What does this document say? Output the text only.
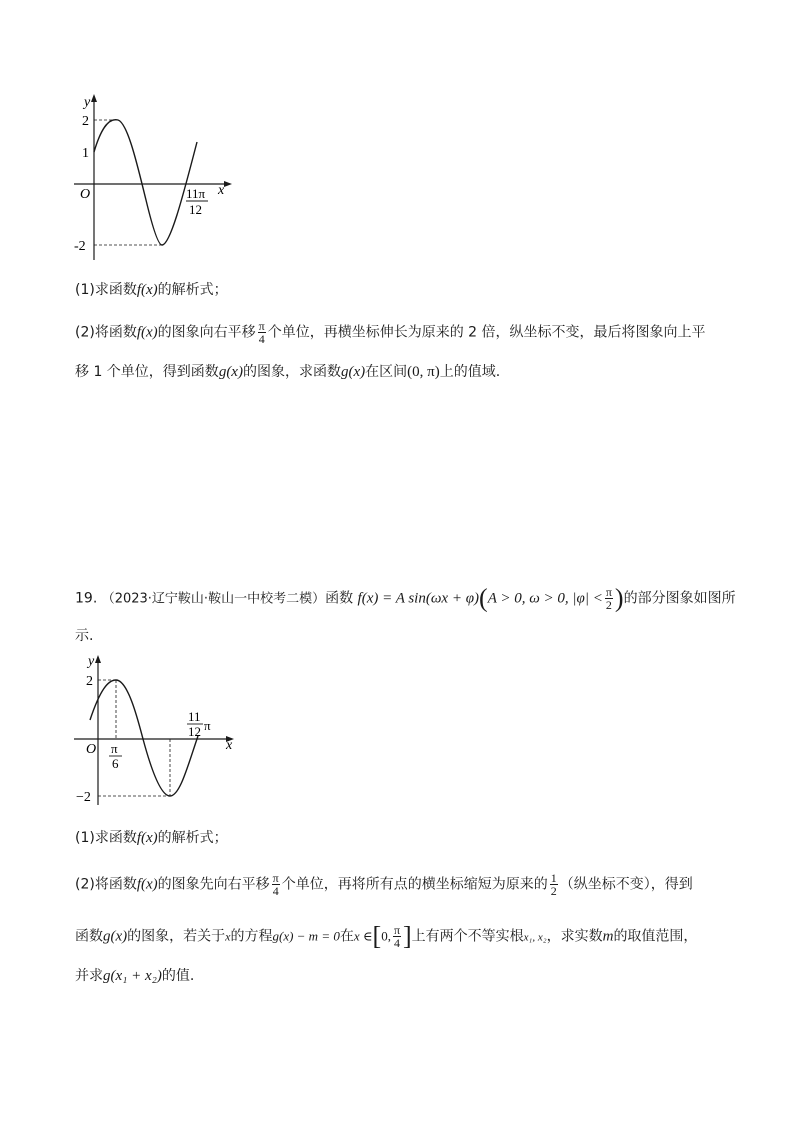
y
x
O
2
1
-2
11π
12
(1)求函数f(x)的解析式；
(2)将函数f(x)的图象向右平移 $\frac{\pi}{4}$ 个单位，再横坐标伸长为原来的 2 倍，纵坐标不变，最后将图象向上平
移 1 个单位，得到函数g(x)的图象，求函数g(x)在区间(0, π)上的值域.
19. （2023·辽宁鞍山·鞍山一中校考二模）函数 f(x) = A sin(ωx + φ)(A > 0, ω > 0, $|\varphi| < \frac{\pi}{2}$ )的部分图象如图所
示.
y
x
O
2
−2
π
6
11
12 π
(1)求函数f(x)的解析式；
(2)将函数f(x)的图象先向右平移 $\frac{\pi}{4}$ 个单位，再将所有点的横坐标缩短为原来的 $\frac{1}{2}$ （纵坐标不变），得到
函数g(x)的图象，若关于x的方程g(x) − m = 0在x ∈[0, $\frac{\pi}{4}$ ]上有两个不等实根x₁, x₂，求实数m的取值范围，
并求g(x₁ + x₂)的值.
